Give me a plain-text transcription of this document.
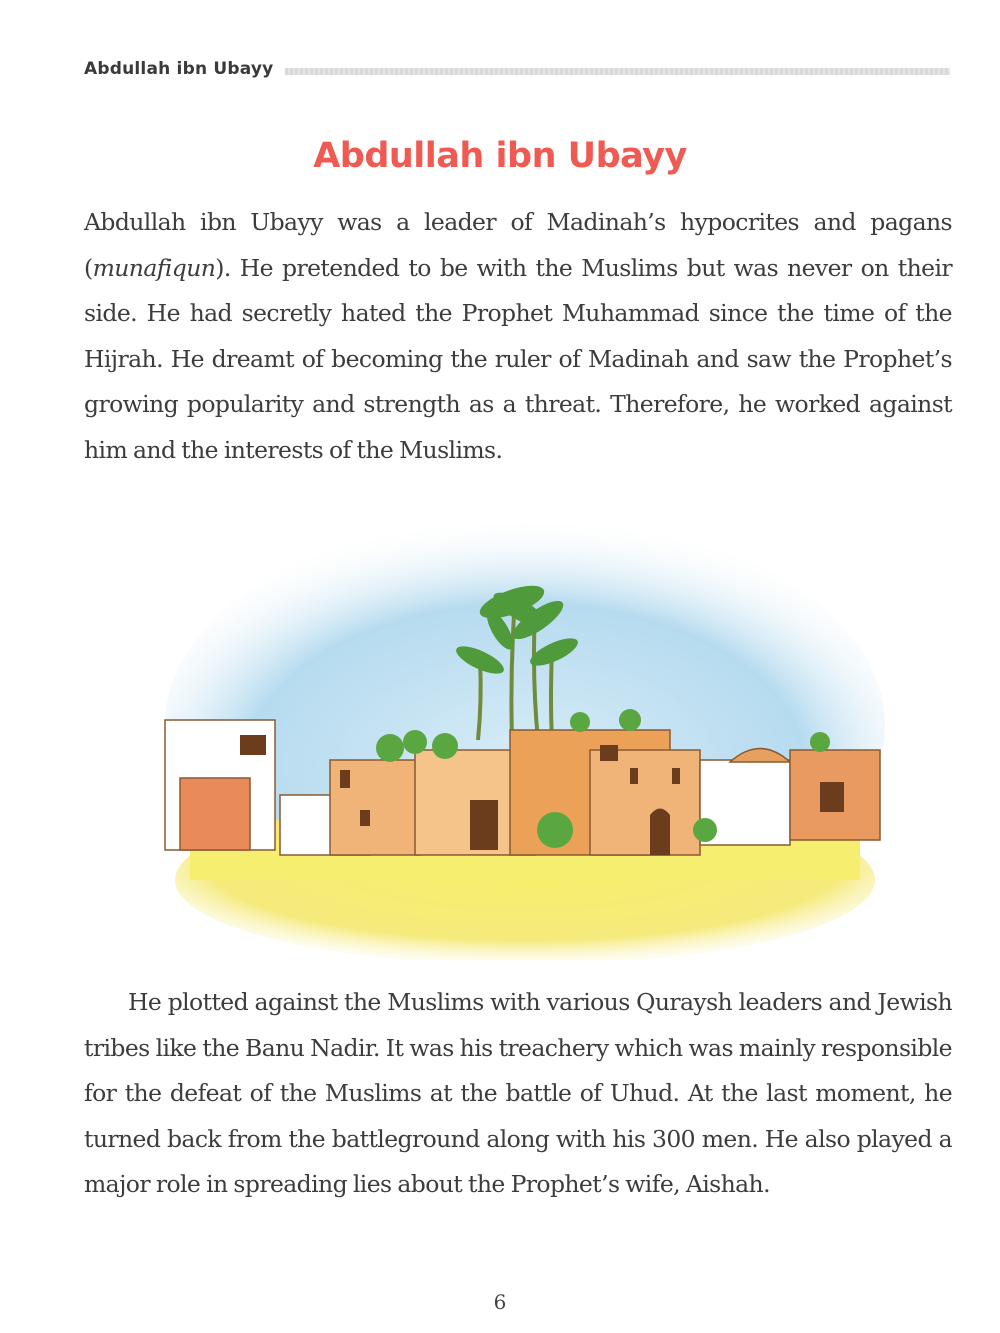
Abdullah ibn Ubayy
Abdullah ibn Ubayy

Abdullah ibn Ubayy was a leader of Madinah’s hypocrites and pagans (munafiqun). He pretended to be with the Muslims but was never on their side. He had secretly hated the Prophet Muhammad since the time of the Hijrah. He dreamt of becoming the ruler of Madinah and saw the Prophet’s growing popularity and strength as a threat. Therefore, he worked against him and the interests of the Muslims.

He plotted against the Muslims with various Quraysh leaders and Jewish tribes like the Banu Nadir. It was his treachery which was mainly responsible for the defeat of the Muslims at the battle of Uhud. At the last moment, he turned back from the battleground along with his 300 men. He also played a major role in spreading lies about the Prophet’s wife, Aishah.

6
